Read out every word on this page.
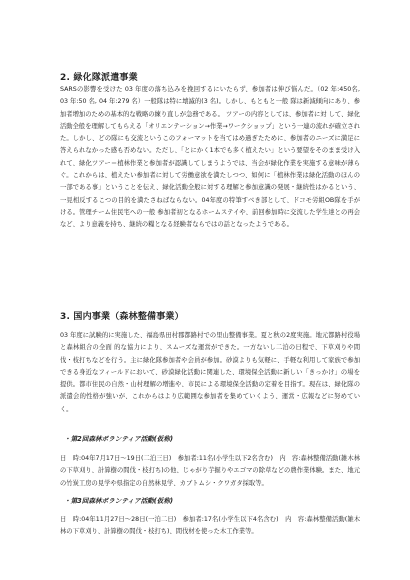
2. 緑化隊派遣事業
SARSの影響を受けた 03 年度の落ち込みを挽回するにいたらず、参加者は伸び悩んだ。（02 年:450名, 03 年:50 名, 04 年:279 名）一般隊は特に壊滅的(3 名)。しかし、もともと一般 隊は新減傾向にあり、参加者増加のための基本的な戦略の練り直しが急務である。 ツアーの内容としては、参加者に対 して、緑化活動全般を理解してもらえる「オリエンテーション→作業→ワークショップ」という一連の流れが確立された。しかし、どの隊にも交流というこのフォーマットを当てはめ過ぎたために、参加者のニーズに満足に答えられなかった感も否めない。ただし、「とにかく1本でも多く植えたい」という要望をそのまま受け入れて、緑化ツアー＝植林作業と参加者が認識してしまうようでは、当会が緑化作業を実施する意味が薄らぐ。これからは、植えたい参加者に対して労働意欲を満たしつつ、如何に「植林作業は緑化活動のほんの一部である事」ということを伝え、緑化活動全般に対する理解と参加意識の発展・継続性はかるという、一見相反するこつの目的を満たさねばならない。04年度の特筆すべき部として、ドコモ労組OB隊を手がける。管理チーム住民宅への一般 参加者初となるホームステイや、前回参加時に交流した学生達との再会など、より意義を持ち、継続の糧となる経験者ならではの話となったようである。
3. 国内事業（森林整備事業）
03 年度に試験的に実施した、福島県田村郡都路村での里山整備事業。夏と秋の2度実施。地元都路村役場と森林組合の全面 的な協力により、スムーズな運営ができた。一方ないし二泊の日程で、下草刈りや間伐・枝打ちなどを行う。主に緑化隊参加者や会員が参加。砂漠よりも気軽に、手軽な利用して家族で参加できる身近なフィールドにおいて、砂漠緑化活動に関連した、環境保全活動に新しい「きっかけ」の場を提供。都市住民の自然・山村理解の増進や、市民による環境保全活動の定着を目指す。現在は、緑化隊の派遣会的性格が強いが、これからはより広範囲な参加者を集めていくよう、運営・広報などに努めていく。
・第2回森林ボランティア活動(仮称)
日　時:04年7月17日〜19日(二泊三日)　参加者:11名(小学生以下2名含む)　内　容:森林整備活動(雑木林の下草刈り、計算樹の間伐・枝打ち)の他、じゃがり芋掘りやエゴマの除草などの農作業体験。また、地元の竹炭工房の見学や県指定の自然林見学、カブトムシ・クワガタ採取等。
・第3回森林ボランティア活動(仮称)
日　時:04年11月27日〜28日(一泊二日)　参加者:17名(小学生以下4名含む)　内　容:森林整備活動(雑木林の下草刈り、計算樹の間伐・枝打ち)、間伐材を使った木工作業等。
